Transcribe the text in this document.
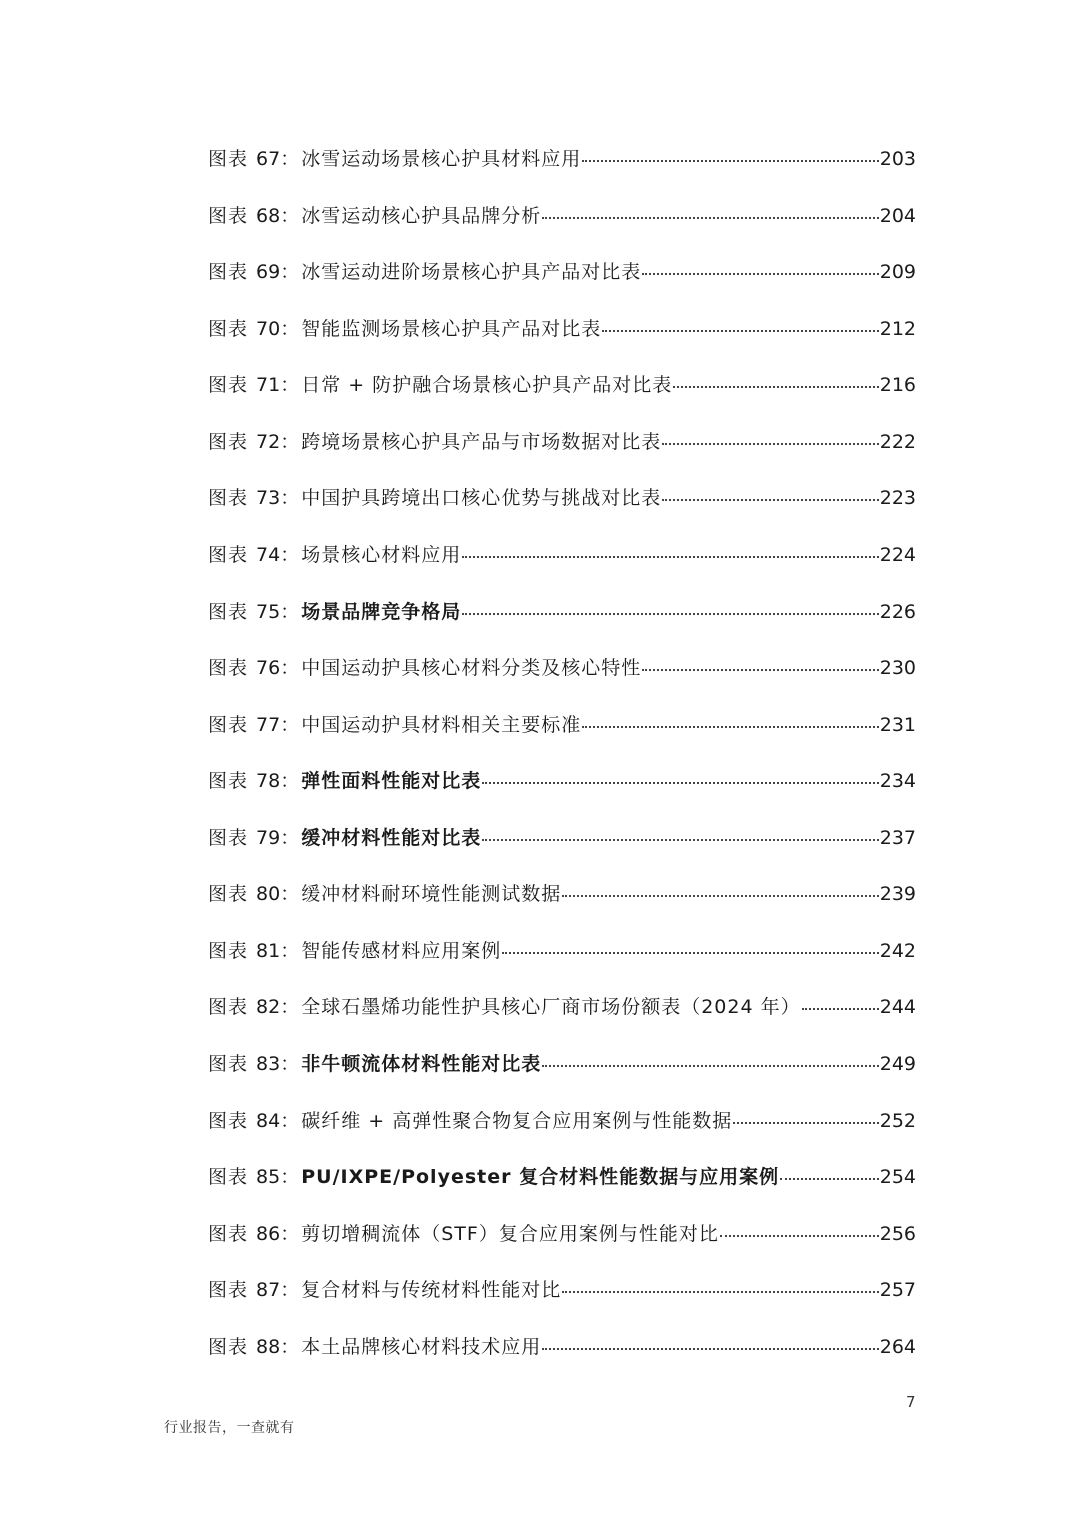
图表 67 ： 冰雪运动场景核心护具材料应用	203
图表 68 ： 冰雪运动核心护具品牌分析	204
图表 69 ： 冰雪运动进阶场景核心护具产品对比表	209
图表 70 ： 智能监测场景核心护具产品对比表	212
图表 71 ： 日常 + 防护融合场景核心护具产品对比表	216
图表 72 ： 跨境场景核心护具产品与市场数据对比表	222
图表 73 ： 中国护具跨境出口核心优势与挑战对比表	223
图表 74 ： 场景核心材料应用	224
图表 75 ： 场景品牌竞争格局	226
图表 76 ： 中国运动护具核心材料分类及核心特性	230
图表 77 ： 中国运动护具材料相关主要标准	231
图表 78 ： 弹性面料性能对比表	234
图表 79 ： 缓冲材料性能对比表	237
图表 80 ： 缓冲材料耐环境性能测试数据	239
图表 81 ： 智能传感材料应用案例	242
图表 82 ： 全球石墨烯功能性护具核心厂商市场份额表（2024 年）	244
图表 83 ： 非牛顿流体材料性能对比表	249
图表 84 ： 碳纤维 + 高弹性聚合物复合应用案例与性能数据	252
图表 85 ： PU/IXPE/Polyester 复合材料性能数据与应用案例	254
图表 86 ： 剪切增稠流体（STF）复合应用案例与性能对比	256
图表 87 ： 复合材料与传统材料性能对比	257
图表 88 ： 本土品牌核心材料技术应用	264
7
行业报告，一查就有
